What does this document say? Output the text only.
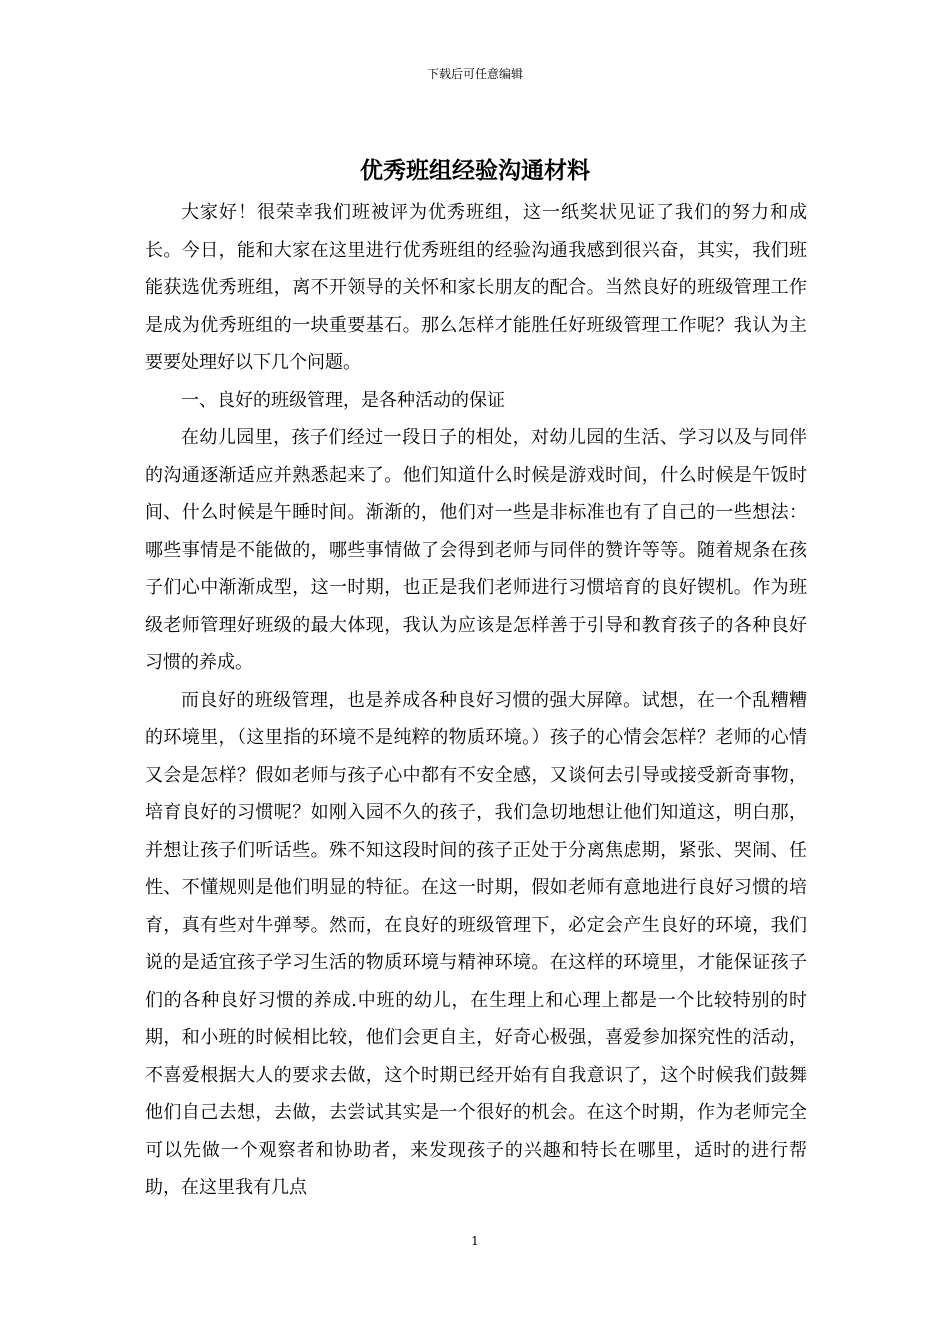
下载后可任意编辑
优秀班组经验沟通材料

大家好！很荣幸我们班被评为优秀班组，这一纸奖状见证了我们的努力和成长。今日，能和大家在这里进行优秀班组的经验沟通我感到很兴奋，其实，我们班能获选优秀班组，离不开领导的关怀和家长朋友的配合。当然良好的班级管理工作是成为优秀班组的一块重要基石。那么怎样才能胜任好班级管理工作呢？我认为主要要处理好以下几个问题。

一、良好的班级管理，是各种活动的保证

在幼儿园里，孩子们经过一段日子的相处，对幼儿园的生活、学习以及与同伴的沟通逐渐适应并熟悉起来了。他们知道什么时候是游戏时间，什么时候是午饭时间、什么时候是午睡时间。渐渐的，他们对一些是非标准也有了自己的一些想法：哪些事情是不能做的，哪些事情做了会得到老师与同伴的赞许等等。随着规条在孩子们心中渐渐成型，这一时期，也正是我们老师进行习惯培育的良好锲机。作为班级老师管理好班级的最大体现，我认为应该是怎样善于引导和教育孩子的各种良好习惯的养成。

而良好的班级管理，也是养成各种良好习惯的强大屏障。试想，在一个乱糟糟的环境里，（这里指的环境不是纯粹的物质环境。）孩子的心情会怎样？老师的心情又会是怎样？假如老师与孩子心中都有不安全感，又谈何去引导或接受新奇事物，培育良好的习惯呢？如刚入园不久的孩子，我们急切地想让他们知道这，明白那，并想让孩子们听话些。殊不知这段时间的孩子正处于分离焦虑期，紧张、哭闹、任性、不懂规则是他们明显的特征。在这一时期，假如老师有意地进行良好习惯的培育，真有些对牛弹琴。然而，在良好的班级管理下，必定会产生良好的环境，我们说的是适宜孩子学习生活的物质环境与精神环境。在这样的环境里，才能保证孩子们的各种良好习惯的养成.中班的幼儿，在生理上和心理上都是一个比较特别的时期，和小班的时候相比较，他们会更自主，好奇心极强，喜爱参加探究性的活动，不喜爱根据大人的要求去做，这个时期已经开始有自我意识了，这个时候我们鼓舞他们自己去想，去做，去尝试其实是一个很好的机会。在这个时期，作为老师完全可以先做一个观察者和协助者，来发现孩子的兴趣和特长在哪里，适时的进行帮助，在这里我有几点

1
